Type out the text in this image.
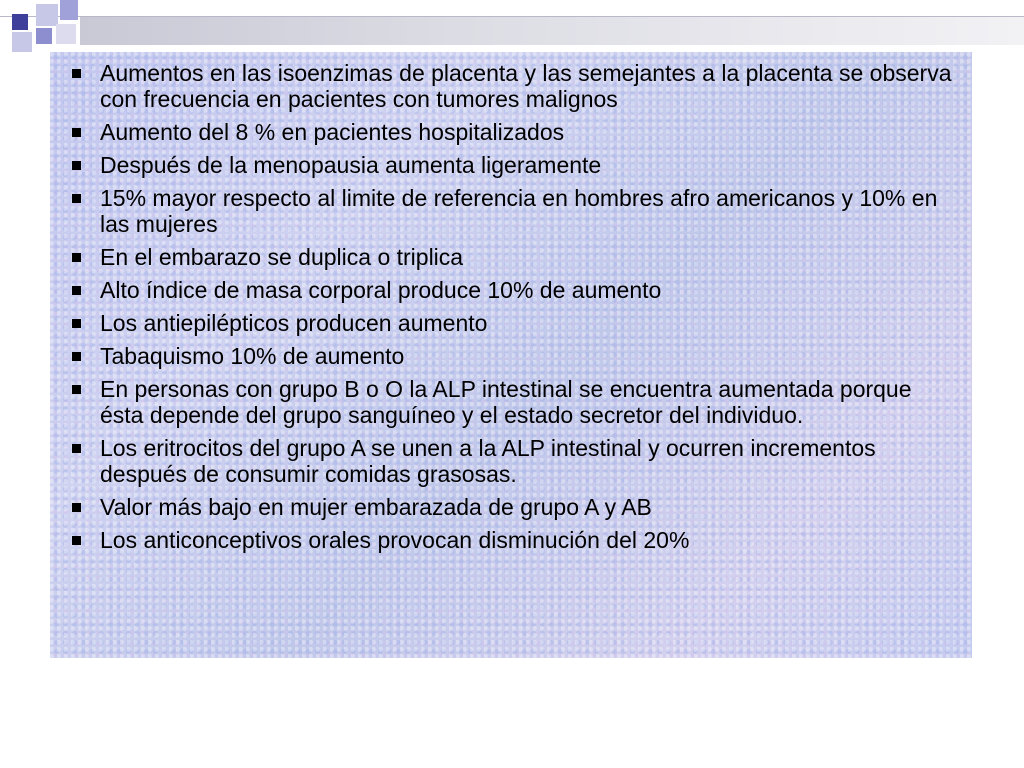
Aumentos en las isoenzimas de placenta y las semejantes a la placenta se observa con frecuencia en pacientes con tumores malignos
Aumento del 8 % en pacientes hospitalizados
Después de la menopausia aumenta ligeramente
15% mayor respecto al limite de referencia en hombres afro americanos y 10% en las mujeres
En el embarazo se duplica o triplica
Alto índice de masa corporal produce 10% de aumento
Los antiepilépticos producen aumento
Tabaquismo 10% de aumento
En personas con grupo B o O la ALP intestinal se encuentra aumentada porque ésta depende del grupo sanguíneo y el estado secretor del individuo.
Los eritrocitos del grupo A se unen a la ALP intestinal y ocurren incrementos después de consumir comidas grasosas.
Valor más bajo en mujer embarazada de grupo A y AB
Los anticonceptivos orales provocan disminución del 20%
